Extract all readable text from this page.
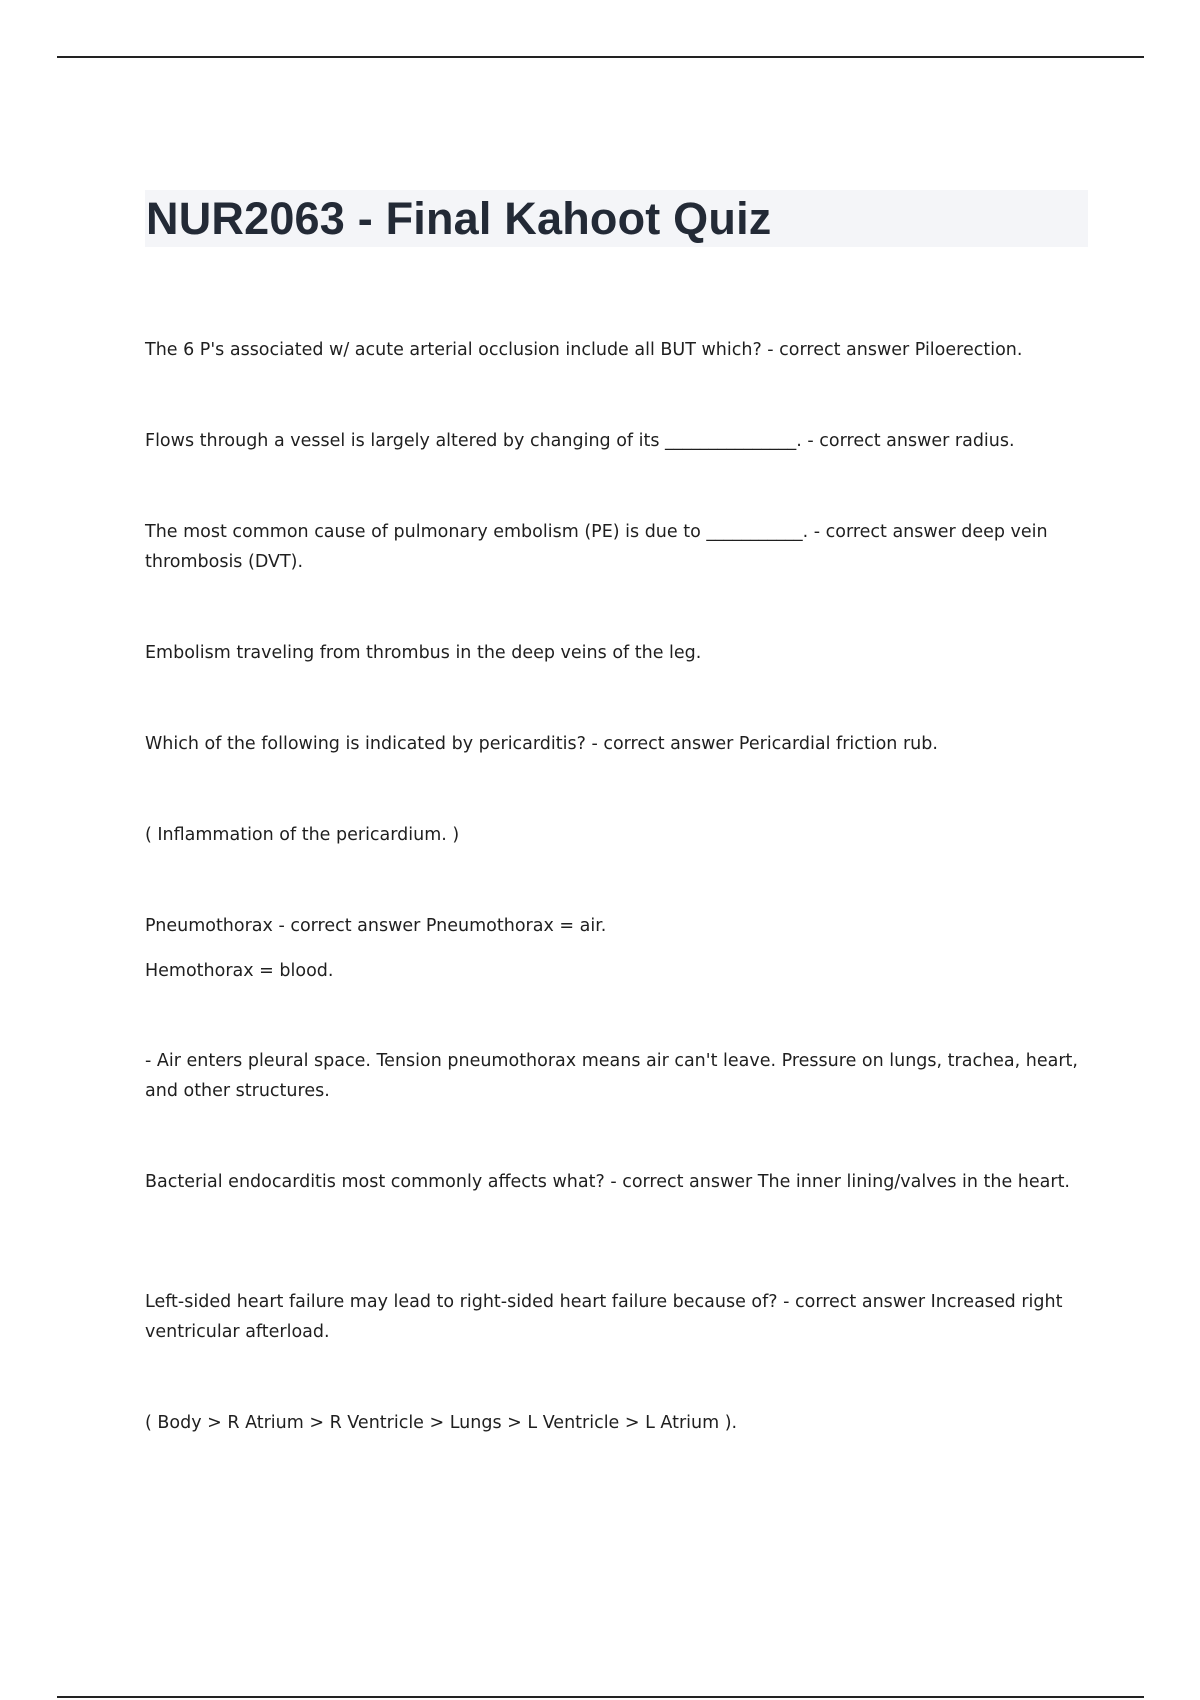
NUR2063 - Final Kahoot Quiz

The 6 P's associated w/ acute arterial occlusion include all BUT which? - correct answer Piloerection.

Flows through a vessel is largely altered by changing of its _______________. - correct answer radius.

The most common cause of pulmonary embolism (PE) is due to ___________. - correct answer deep vein thrombosis (DVT).

Embolism traveling from thrombus in the deep veins of the leg.

Which of the following is indicated by pericarditis? - correct answer Pericardial friction rub.

( Inflammation of the pericardium. )

Pneumothorax - correct answer Pneumothorax = air.

Hemothorax = blood.

- Air enters pleural space. Tension pneumothorax means air can't leave. Pressure on lungs, trachea, heart, and other structures.

Bacterial endocarditis most commonly affects what? - correct answer The inner lining/valves in the heart.

Left-sided heart failure may lead to right-sided heart failure because of? - correct answer Increased right ventricular afterload.

( Body > R Atrium > R Ventricle > Lungs > L Ventricle > L Atrium ).
